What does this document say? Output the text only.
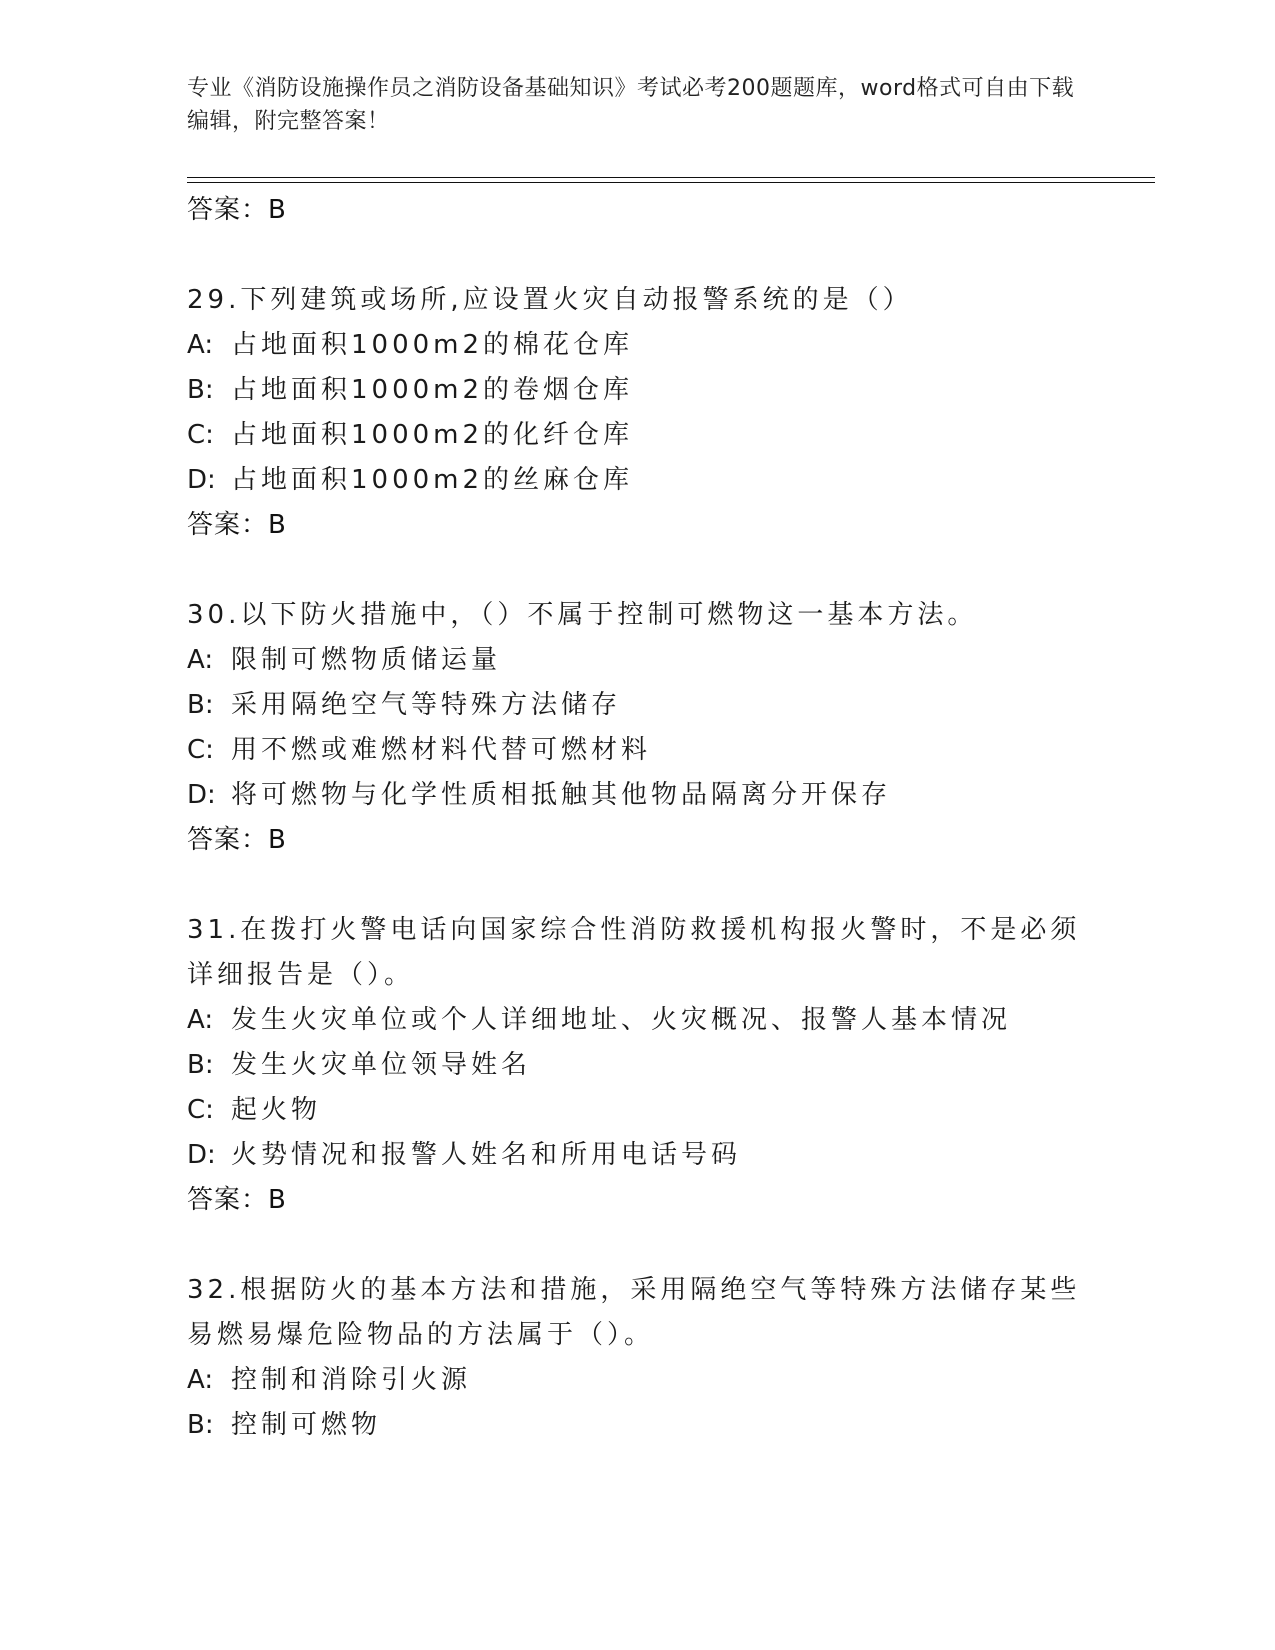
专业《消防设施操作员之消防设备基础知识》考试必考200题题库，word格式可自由下载编辑，附完整答案！
答案：B
29.下列建筑或场所,应设置火灾自动报警系统的是（）
A: 占地面积1000m2的棉花仓库
B: 占地面积1000m2的卷烟仓库
C: 占地面积1000m2的化纤仓库
D: 占地面积1000m2的丝麻仓库
答案：B
30.以下防火措施中，（）不属于控制可燃物这一基本方法。
A: 限制可燃物质储运量
B: 采用隔绝空气等特殊方法储存
C: 用不燃或难燃材料代替可燃材料
D: 将可燃物与化学性质相抵触其他物品隔离分开保存
答案：B
31.在拨打火警电话向国家综合性消防救援机构报火警时，不是必须详细报告是（）。
A: 发生火灾单位或个人详细地址、火灾概况、报警人基本情况
B: 发生火灾单位领导姓名
C: 起火物
D: 火势情况和报警人姓名和所用电话号码
答案：B
32.根据防火的基本方法和措施，采用隔绝空气等特殊方法储存某些易燃易爆危险物品的方法属于（）。
A: 控制和消除引火源
B: 控制可燃物
